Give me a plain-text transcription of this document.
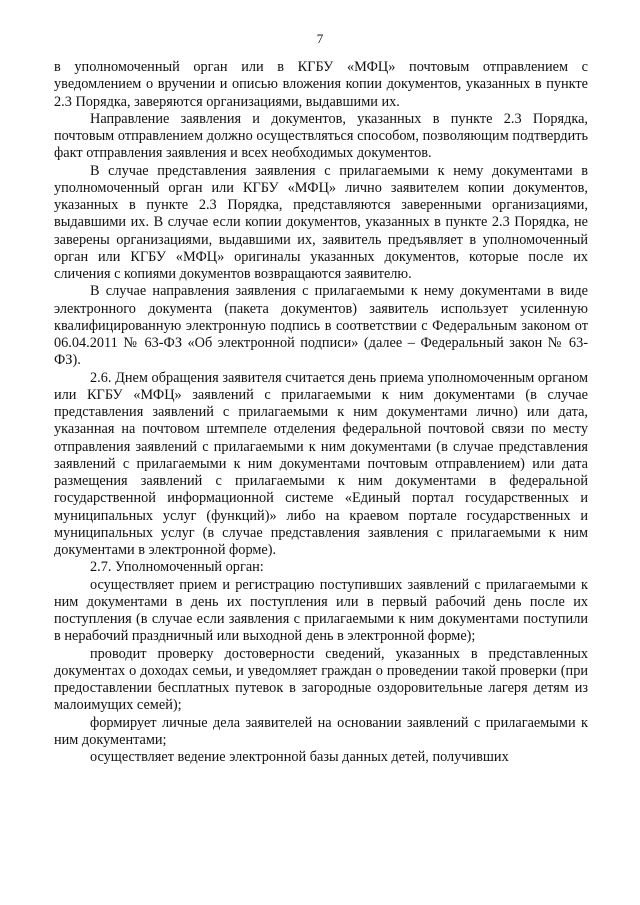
7

в уполномоченный орган или в КГБУ «МФЦ» почтовым отправлением с уведомлением о вручении и описью вложения копии документов, указанных в пункте 2.3 Порядка, заверяются организациями, выдавшими их.

Направление заявления и документов, указанных в пункте 2.3 Порядка, почтовым отправлением должно осуществляться способом, позволяющим подтвердить факт отправления заявления и всех необходимых документов.

В случае представления заявления с прилагаемыми к нему документами в уполномоченный орган или КГБУ «МФЦ» лично заявителем копии документов, указанных в пункте 2.3 Порядка, представляются заверенными организациями, выдавшими их. В случае если копии документов, указанных в пункте 2.3 Порядка, не заверены организациями, выдавшими их, заявитель предъявляет в уполномоченный орган или КГБУ «МФЦ» оригиналы указанных документов, которые после их сличения с копиями документов возвращаются заявителю.

В случае направления заявления с прилагаемыми к нему документами в виде электронного документа (пакета документов) заявитель использует усиленную квалифицированную электронную подпись в соответствии с Федеральным законом от 06.04.2011 № 63-ФЗ «Об электронной подписи» (далее – Федеральный закон № 63-ФЗ).

2.6. Днем обращения заявителя считается день приема уполномоченным органом или КГБУ «МФЦ» заявлений с прилагаемыми к ним документами (в случае представления заявлений с прилагаемыми к ним документами лично) или дата, указанная на почтовом штемпеле отделения федеральной почтовой связи по месту отправления заявлений с прилагаемыми к ним документами (в случае представления заявлений с прилагаемыми к ним документами почтовым отправлением) или дата размещения заявлений с прилагаемыми к ним документами в федеральной государственной информационной системе «Единый портал государственных и муниципальных услуг (функций)» либо на краевом портале государственных и муниципальных услуг (в случае представления заявления с прилагаемыми к ним документами в электронной форме).

2.7. Уполномоченный орган:

осуществляет прием и регистрацию поступивших заявлений с прилагаемыми к ним документами в день их поступления или в первый рабочий день после их поступления (в случае если заявления с прилагаемыми к ним документами поступили в нерабочий праздничный или выходной день в электронной форме);

проводит проверку достоверности сведений, указанных в представленных документах о доходах семьи, и уведомляет граждан о проведении такой проверки (при предоставлении бесплатных путевок в загородные оздоровительные лагеря детям из малоимущих семей);

формирует личные дела заявителей на основании заявлений с прилагаемыми к ним документами;

осуществляет ведение электронной базы данных детей, получивших
